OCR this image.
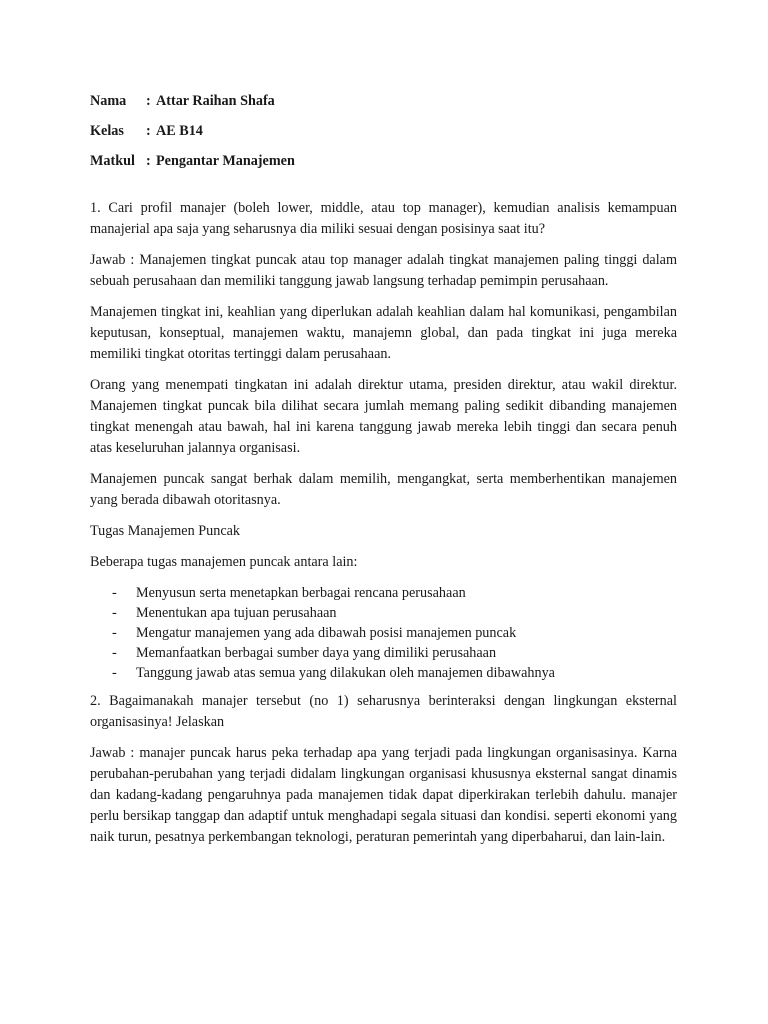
Nama	: Attar Raihan Shafa
Kelas	: AE B14
Matkul : Pengantar Manajemen

1. Cari profil manajer (boleh lower, middle, atau top manager), kemudian analisis kemampuan manajerial apa saja yang seharusnya dia miliki sesuai dengan posisinya saat itu?

Jawab : Manajemen tingkat puncak atau top manager adalah tingkat manajemen paling tinggi dalam sebuah perusahaan dan memiliki tanggung jawab langsung terhadap pemimpin perusahaan.

Manajemen tingkat ini, keahlian yang diperlukan adalah keahlian dalam hal komunikasi, pengambilan keputusan, konseptual, manajemen waktu, manajemn global, dan pada tingkat ini juga mereka memiliki tingkat otoritas tertinggi dalam perusahaan.

Orang yang menempati tingkatan ini adalah direktur utama, presiden direktur, atau wakil direktur. Manajemen tingkat puncak bila dilihat secara jumlah memang paling sedikit dibanding manajemen tingkat menengah atau bawah, hal ini karena tanggung jawab mereka lebih tinggi dan secara penuh atas keseluruhan jalannya organisasi.

Manajemen puncak sangat berhak dalam memilih, mengangkat, serta memberhentikan manajemen yang berada dibawah otoritasnya.

Tugas Manajemen Puncak

Beberapa tugas manajemen puncak antara lain:

-	Menyusun serta menetapkan berbagai rencana perusahaan
-	Menentukan apa tujuan perusahaan
-	Mengatur manajemen yang ada dibawah posisi manajemen puncak
-	Memanfaatkan berbagai sumber daya yang dimiliki perusahaan
-	Tanggung jawab atas semua yang dilakukan oleh manajemen dibawahnya

2. Bagaimanakah manajer tersebut (no 1) seharusnya berinteraksi dengan lingkungan eksternal organisasinya! Jelaskan

Jawab : manajer puncak harus peka terhadap apa yang terjadi pada lingkungan organisasinya. Karna perubahan-perubahan yang terjadi didalam lingkungan organisasi khususnya eksternal sangat dinamis dan kadang-kadang pengaruhnya pada manajemen tidak dapat diperkirakan terlebih dahulu. manajer perlu bersikap tanggap dan adaptif untuk menghadapi segala situasi dan kondisi. seperti ekonomi yang naik turun, pesatnya perkembangan teknologi, peraturan pemerintah yang diperbaharui, dan lain-lain.
